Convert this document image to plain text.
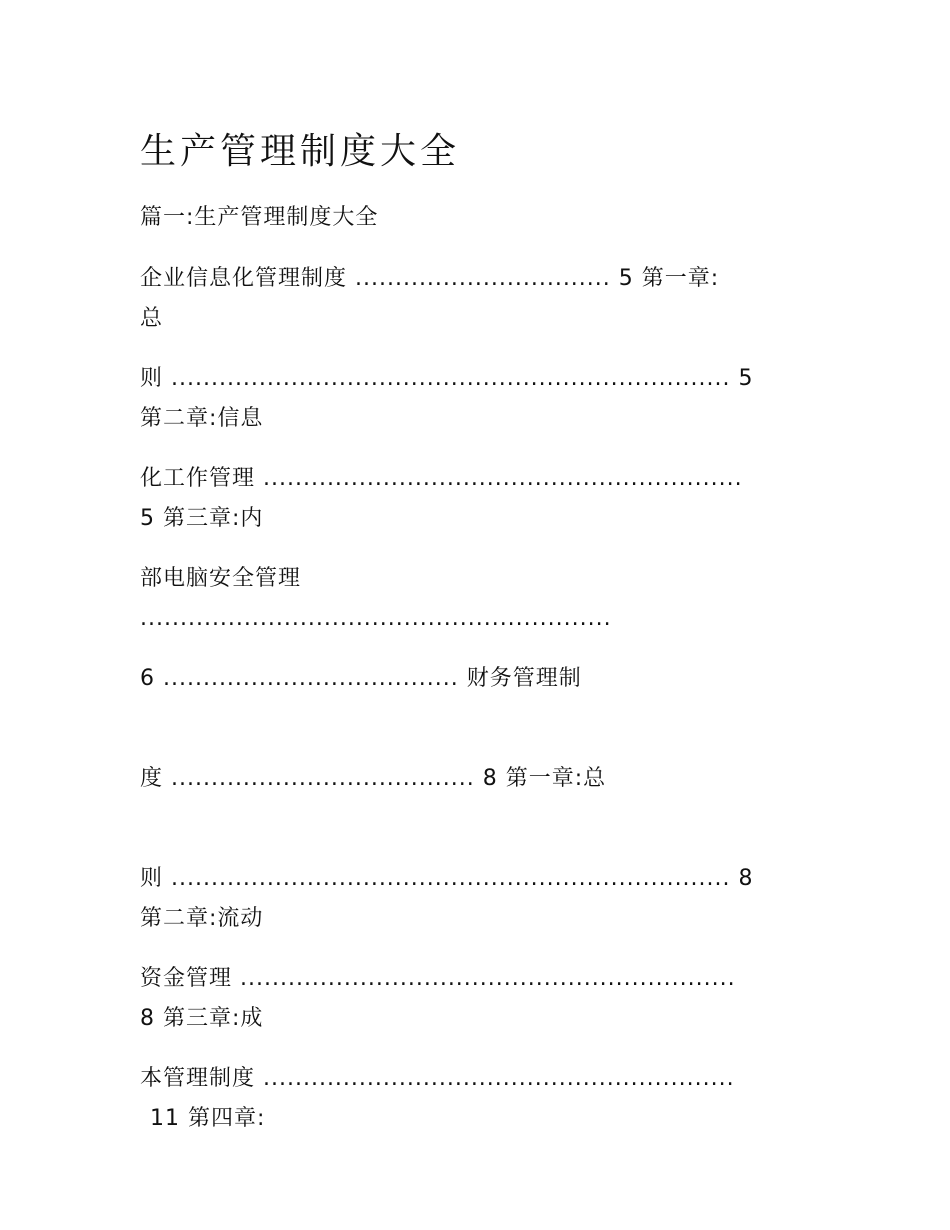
生产管理制度大全
篇一:生产管理制度大全
企业信息化管理制度 ................................ 5 第一章:
总
则 ...................................................................... 5
第二章:信息
化工作管理 ............................................................
5 第三章:内
部电脑安全管理
...........................................................
6 ..................................... 财务管理制
度 ...................................... 8 第一章:总
则 ...................................................................... 8
第二章:流动
资金管理 ..............................................................
8 第三章:成
本管理制度 ...........................................................
11 第四章:
